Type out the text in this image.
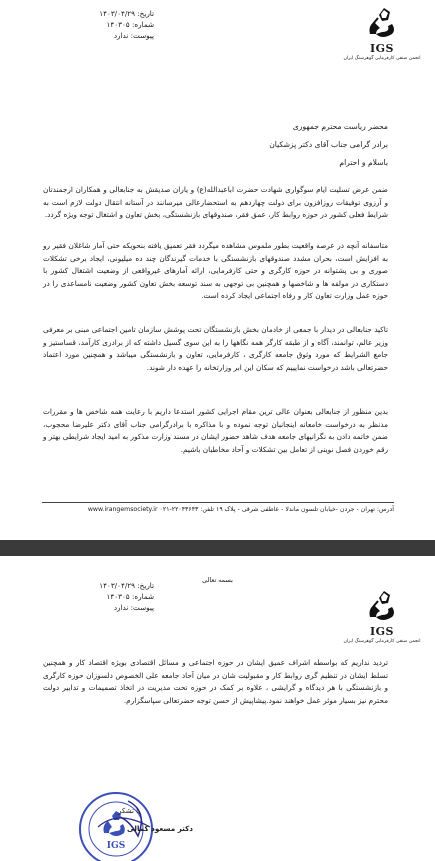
تاریخ: ۱۴۰۳/۰۴/۲۹
شماره: ۱۴۰۳۰۵
پیوست: ندارد
IGS
انجمن صنفی کارفرمایی گوهرسنگ ایران
محضر ریاست محترم جمهوری
برادر گرامی جناب آقای دکتر پزشکیان
باسلام و احترام
ضمن عرض تسلیت ایام سوگواری شهادت حضرت اباعبدالله(ع) و یاران صدیقش به جنابعالی و همکاران ارجمندتان و آرزوی توفیقات روزافزون برای دولت چهاردهم به استحضارعالی میرسانند در آستانه انتقال دولت لازم است به شرایط فعلی کشور در حوزه روابط کار، عمق فقر، صندوقهای بازنشستگی، بخش تعاون و اشتغال توجه ویژه گردد.
متاسفانه آنچه در عرصه واقعیت بطور ملموس مشاهده میگردد فقر تعمیق یافته بنحویکه حتی آمار شاغلان فقیر رو به افزایش است، بحران مشدد صندوقهای بازنشستگی با خدمات گیرندگان چند ده میلیونی، ایجاد برخی تشکلات صوری و بی پشتوانه در حوزه کارگری و حتی کارفرمایی، ارائه آمارهای غیرواقعی از وضعیت اشتغال کشور با دستکاری در مولفه ها و شاخصها و همچنین بی توجهی به سند توسعه بخش تعاون کشور وضعیت نامساعدی را در حوزه عمل وزارت تعاون کار و رفاه اجتماعی ایجاد کرده است.
تاکید جنابعالی در دیدار با جمعی از خادمان بخش بازنشستگان تحت پوشش سازمان تامین اجتماعی مبنی بر معرفی وزیر عالم، توانمند، آگاه و از طبقه کارگر همه نگاهها را به این سوی گسیل داشته که از برادری کارآمد، قساستیز و جامع الشرایط که مورد وثوق جامعه کارگری ، کارفرمایی، تعاون و بازنشستگی میباشد و همچنین مورد اعتماد حضرتعالی باشد درخواست نمایییم که سکان این ابر وزارتخانه را عهده دار شوند.
بدین منظور از جنابعالی بعنوان عالی ترین مقام اجرایی کشور استدعا داریم با رعایت همه شاخص ها و مقررات مدنظر به درخواست خامعانه اینجانبان توجه نموده و با مذاکره با برادرگرامی جناب آقای دکتر علیرضا محجوب، ضمن خاتمه دادن به نگرانیهای جامعه هدف شاهد حضور ایشان در مسند وزارت مذکور به امید ایجاد شرایطی بهتر و رقم خوردن فصل نوینی از تعامل بین تشکلات و آحاد مخاطبان باشیم.
آدرس: تهران - جردن -خیابان تلسون ماندلا - عاطفی شرقی - پلاک ۱۹ تلفن: ۲۲۰۴۳۶۴۳-۰۲۱ www.irangemsociety.ir
بسمه تعالی
تاریخ: ۱۴۰۳/۰۴/۲۹
شماره: ۱۴۰۳۰۵
پیوست: ندارد
IGS
انجمن صنفی کارفرمایی گوهرسنگ ایران
تردید نداریم که بواسطه اشراف عمیق ایشان در حوزه اجتماعی و مسائل اقتصادی بویژه اقتصاد کار و همچنین تسلط ایشان در تنظیم گری روابط کار و مقبولیت شان در میان آحاد جامعه علی الخصوص دلسوزان حوزه کارگری و بازنشستگی با هر دیدگاه و گرایشی ، علاوه بر کمک در حوزه تحت مدیریت در اتخاذ تصمیمات و تدابیر دولت محترم نیز بسیار موثر عمل خواهند نمود.پیشاپیش از حسن توجه حضرتعالی سپاسگزارم.
IGS
با تشکر
دکتر مسعود کمالی
